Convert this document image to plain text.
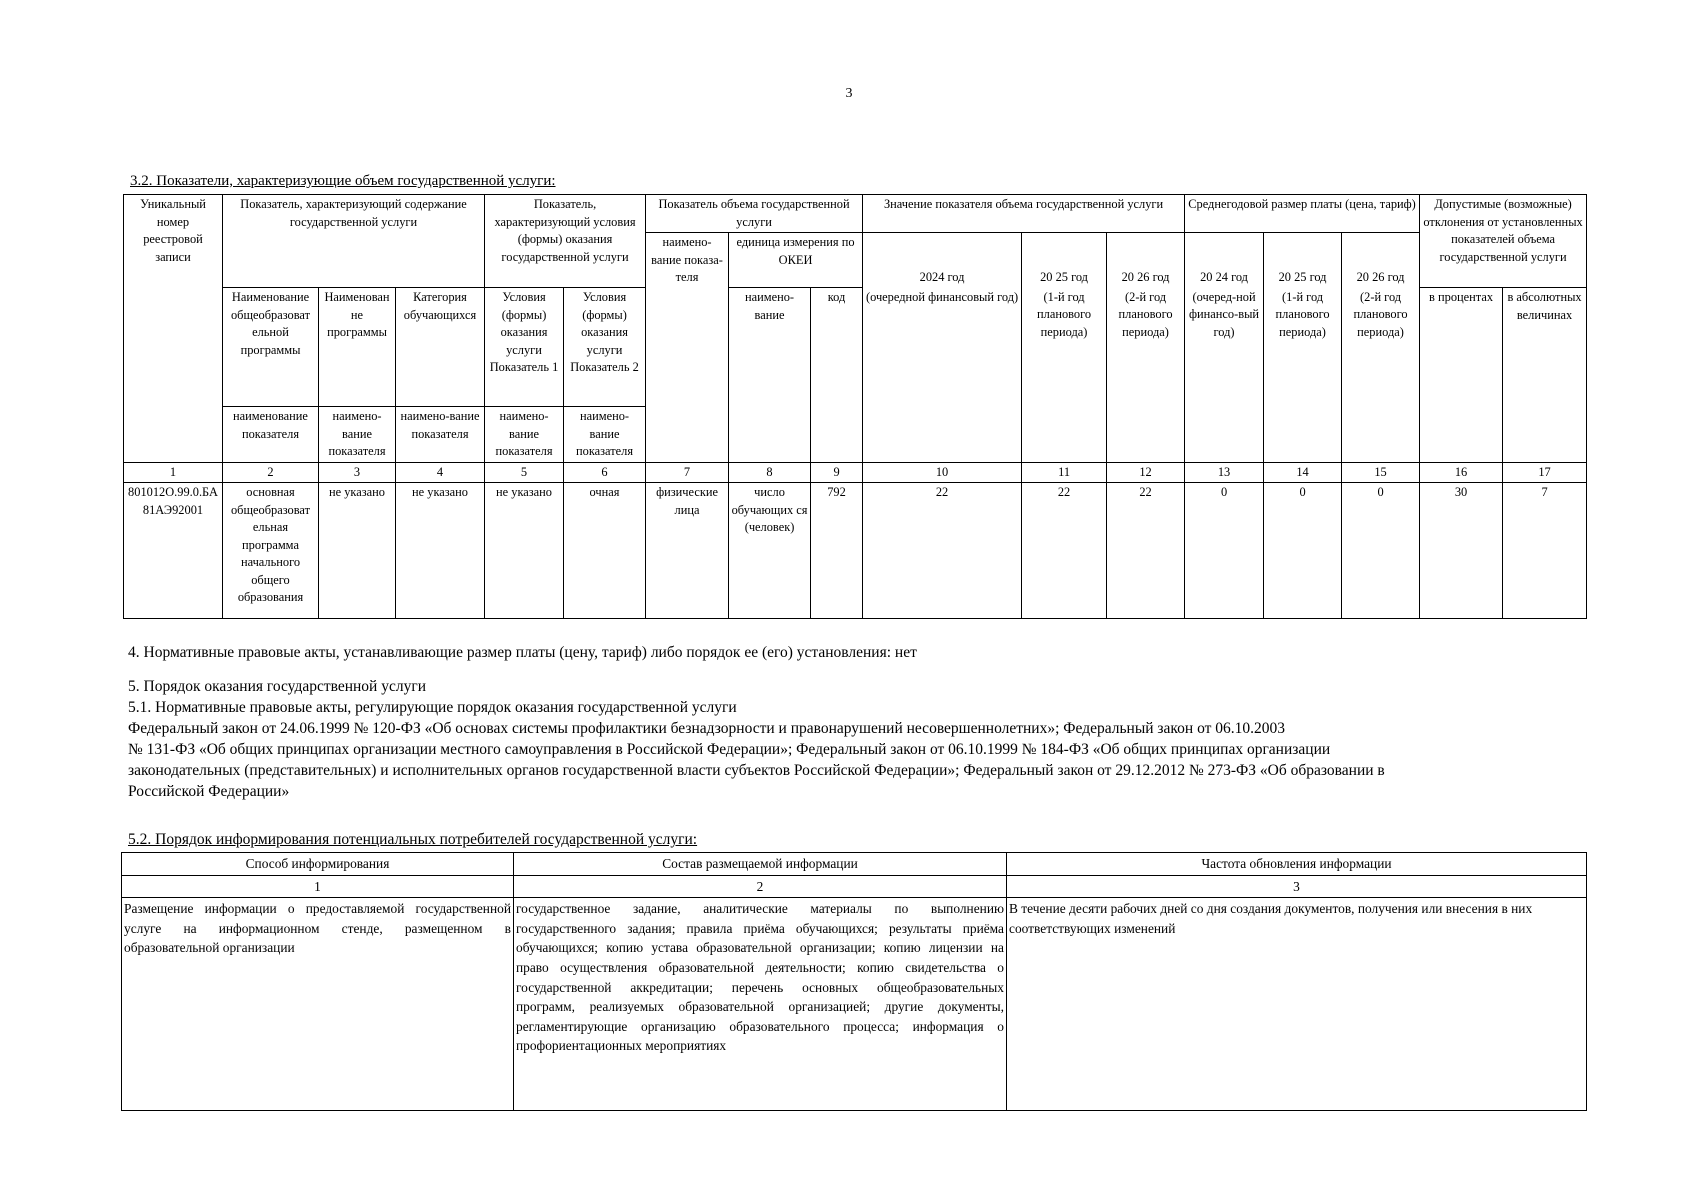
3
3.2. Показатели, характеризующие объем государственной услуги:
Уникальный номер реестровой записи	Показатель, характеризующий содержание государственной услуги			Показатель, характеризующий условия (формы) оказания государственной услуги		Показатель объема государственной услуги			Значение показателя объема государственной услуги			Среднегодовой размер платы (цена, тариф)			Допустимые (возможные) отклонения от установленных показателей объема государственной услуги	
						наимено-вание показа-теля	единица измерения по ОКЕИ		2024 год	20 25 год	20 26 год	20 24 год	20 25 год	20 26 год		
	Наименование общеобразоват ельной программы	Наименован не программы	Категория обучающихся	Условия (формы) оказания услуги Показатель 1	Условия (формы) оказания услуги Показатель 2		наимено-вание	код	(очередной финансовый год)	(1-й год планового периода)	(2-й год планового периода)	(очеред-ной финансо-вый год)	(1-й год планового периода)	(2-й год планового периода)	в процентах	в абсолютных величинах
	наименование показателя	наимено-вание показателя	наимено-вание показателя	наимено-вание показателя	наимено-вание показателя											
1	2	3	4	5	6	7	8	9	10	11	12	13	14	15	16	17
801012О.99.0.БА81АЭ92001	основная общеобразоват ельная программа начального общего образования	не указано	не указано	не указано	очная	физические лица	число обучающих ся (человек)	792	22	22	22	0	0	0	30	7
4. Нормативные правовые акты, устанавливающие размер платы (цену, тариф) либо порядок ее (его) установления: нет
5. Порядок оказания государственной услуги
5.1. Нормативные правовые акты, регулирующие порядок оказания государственной услуги
Федеральный закон от 24.06.1999 № 120-ФЗ «Об основах системы профилактики безнадзорности и правонарушений несовершеннолетних»; Федеральный закон от 06.10.2003
№ 131-ФЗ «Об общих принципах организации местного самоуправления в Российской Федерации»; Федеральный закон от 06.10.1999 № 184-ФЗ «Об общих принципах организации
законодательных (представительных) и исполнительных органов государственной власти субъектов Российской Федерации»; Федеральный закон от 29.12.2012 № 273-ФЗ «Об образовании в
Российской Федерации»
5.2. Порядок информирования потенциальных потребителей государственной услуги:
Способ информирования	Состав размещаемой информации	Частота обновления информации
1	2	3
Размещение информации о предоставляемой государственной услуге на информационном стенде, размещенном в образовательной организации	государственное задание, аналитические материалы по выполнению государственного задания; правила приёма обучающихся; результаты приёма обучающихся; копию устава образовательной организации; копию лицензии на право осуществления образовательной деятельности; копию свидетельства о государственной аккредитации; перечень основных общеобразовательных программ, реализуемых образовательной организацией; другие документы, регламентирующие организацию образовательного процесса; информация о профориентационных мероприятиях	В течение десяти рабочих дней со дня создания документов, получения или внесения в них соответствующих изменений
